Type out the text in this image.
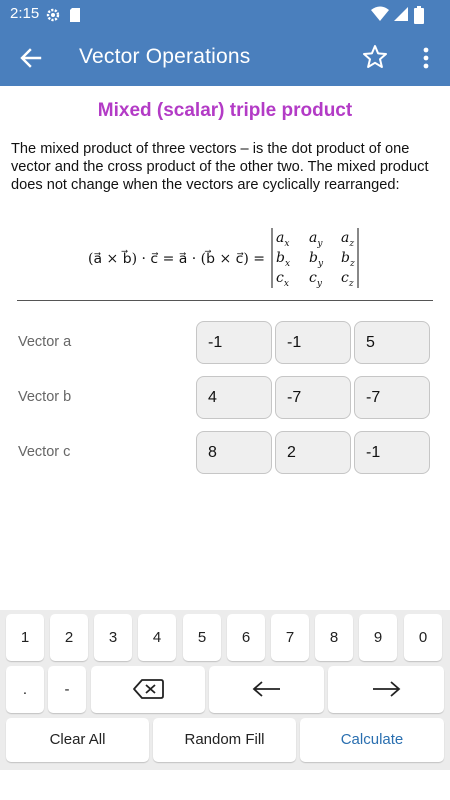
2:15
Vector Operations
Mixed (scalar) triple product
The mixed product of three vectors – is the dot product of one vector and the cross product of the other two. The mixed product does not change when the vectors are cyclically rearranged:
(a⃗ × b⃗) · c⃗ = a⃗ · (b⃗ × c⃗) =
$a_x$ $a_y$ $a_z$
$b_x$ $b_y$ $b_z$
$c_x$ $c_y$ $c_z$
Vector a	-1	-1	5
Vector b	4	-7	-7
Vector c	8	2	-1
1	2	3	4	5	6	7	8	9	0
.	-
Clear All	Random Fill	Calculate
